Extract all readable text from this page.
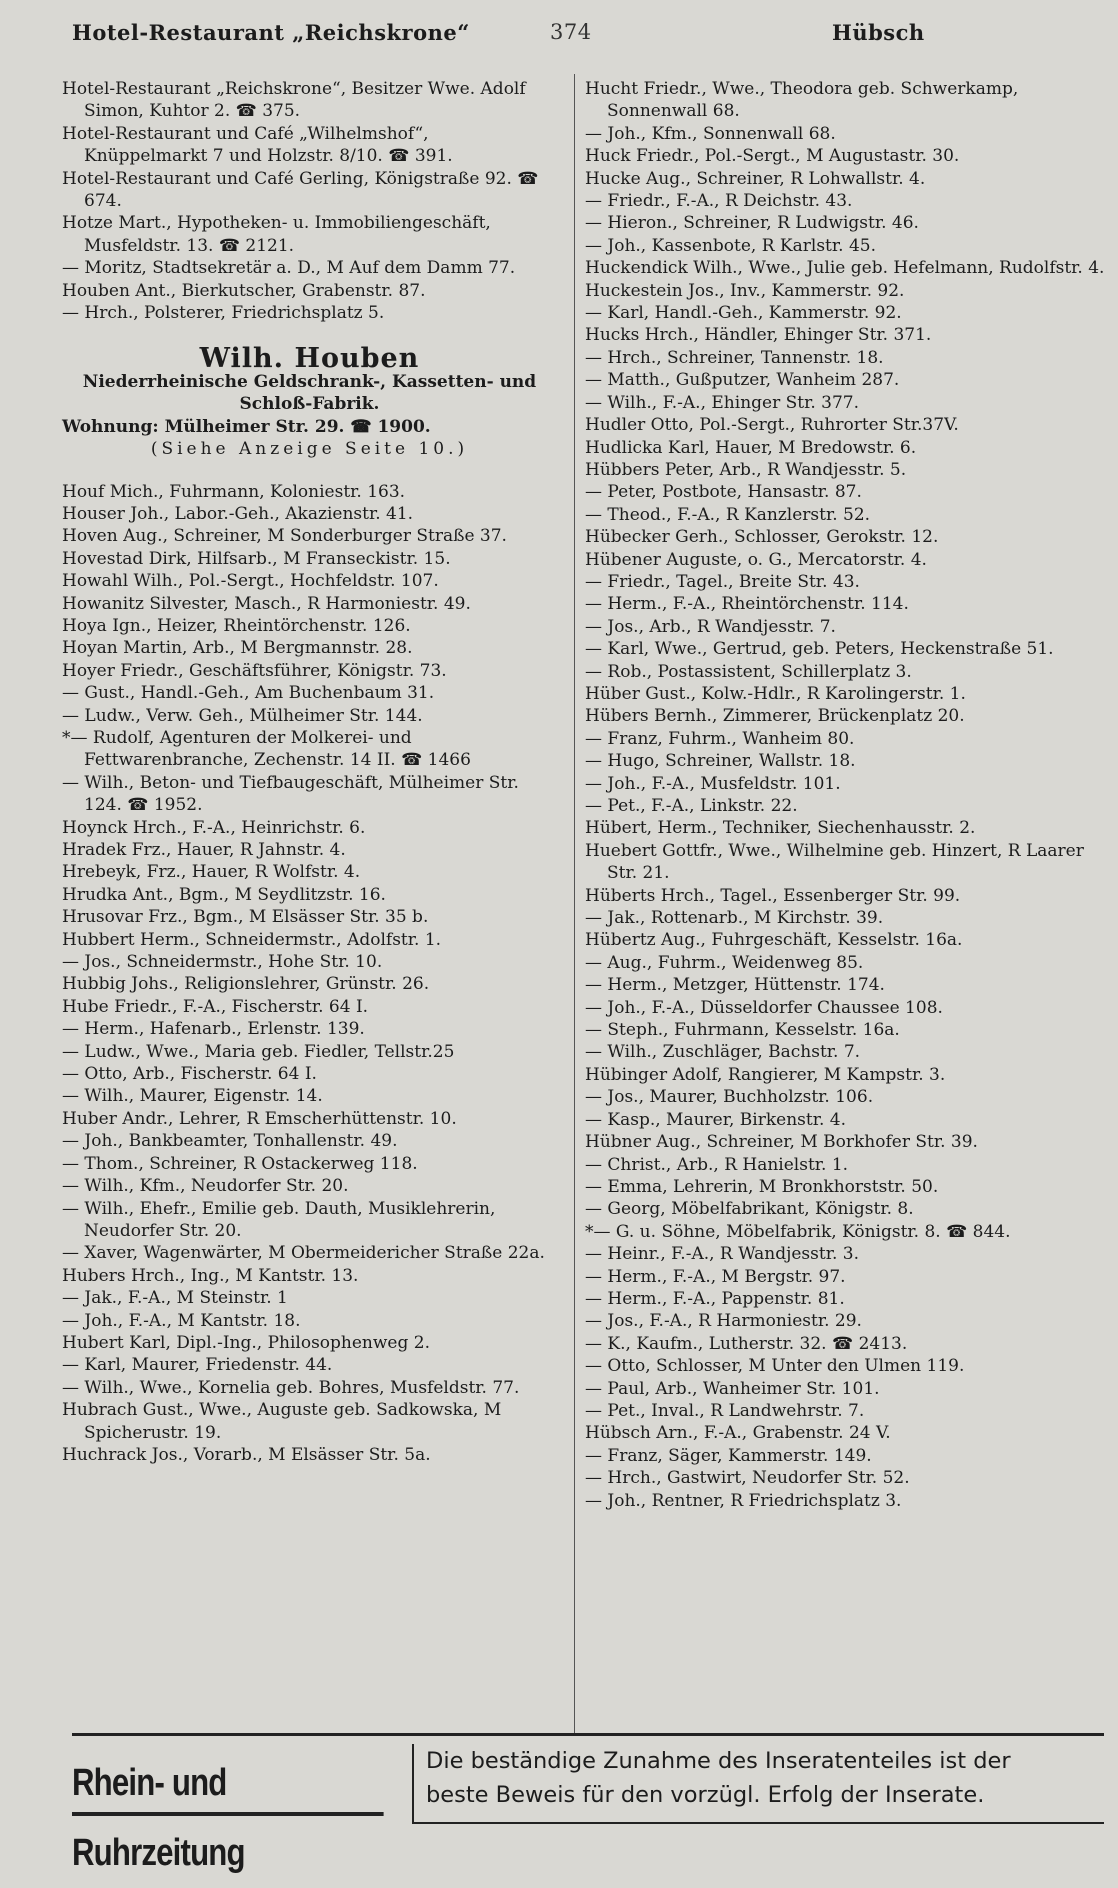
Hotel-Restaurant „Reichskrone“	374	Hübsch

Hotel-Restaurant „Reichskrone“, Besitzer Wwe. Adolf Simon, Kuhtor 2. ☎ 375.

Hotel-Restaurant und Café „Wilhelmshof“, Knüppelmarkt 7 und Holzstr. 8/10. ☎ 391.

Hotel-Restaurant und Café Gerling, Königstraße 92. ☎ 674.

Hotze Mart., Hypotheken- u. Immobiliengeschäft, Musfeldstr. 13. ☎ 2121.

— Moritz, Stadtsekretär a. D., M Auf dem Damm 77.

Houben Ant., Bierkutscher, Grabenstr. 87.

— Hrch., Polsterer, Friedrichsplatz 5.

Wilh. Houben
Niederrheinische Geldschrank-, Kassetten- und Schloß-Fabrik.
Wohnung: Mülheimer Str. 29. ☎ 1900.
(Siehe Anzeige Seite 10.)

Houf Mich., Fuhrmann, Koloniestr. 163.

Houser Joh., Labor.-Geh., Akazienstr. 41.

Hoven Aug., Schreiner, M Sonderburger Straße 37.

Hovestad Dirk, Hilfsarb., M Franseckistr. 15.

Howahl Wilh., Pol.-Sergt., Hochfeldstr. 107.

Howanitz Silvester, Masch., R Harmoniestr. 49.

Hoya Ign., Heizer, Rheintörchenstr. 126.

Hoyan Martin, Arb., M Bergmannstr. 28.

Hoyer Friedr., Geschäftsführer, Königstr. 73.

— Gust., Handl.-Geh., Am Buchenbaum 31.

— Ludw., Verw. Geh., Mülheimer Str. 144.

*— Rudolf, Agenturen der Molkerei- und Fettwarenbranche, Zechenstr. 14 II. ☎ 1466

— Wilh., Beton- und Tiefbaugeschäft, Mülheimer Str. 124. ☎ 1952.

Hoynck Hrch., F.-A., Heinrichstr. 6.

Hradek Frz., Hauer, R Jahnstr. 4.

Hrebeyk, Frz., Hauer, R Wolfstr. 4.

Hrudka Ant., Bgm., M Seydlitzstr. 16.

Hrusovar Frz., Bgm., M Elsässer Str. 35 b.

Hubbert Herm., Schneidermstr., Adolfstr. 1.

— Jos., Schneidermstr., Hohe Str. 10.

Hubbig Johs., Religionslehrer, Grünstr. 26.

Hube Friedr., F.-A., Fischerstr. 64 I.

— Herm., Hafenarb., Erlenstr. 139.

— Ludw., Wwe., Maria geb. Fiedler, Tellstr.25

— Otto, Arb., Fischerstr. 64 I.

— Wilh., Maurer, Eigenstr. 14.

Huber Andr., Lehrer, R Emscherhüttenstr. 10.

— Joh., Bankbeamter, Tonhallenstr. 49.

— Thom., Schreiner, R Ostackerweg 118.

— Wilh., Kfm., Neudorfer Str. 20.

— Wilh., Ehefr., Emilie geb. Dauth, Musiklehrerin, Neudorfer Str. 20.

— Xaver, Wagenwärter, M Obermeidericher Straße 22a.

Hubers Hrch., Ing., M Kantstr. 13.

— Jak., F.-A., M Steinstr. 1

— Joh., F.-A., M Kantstr. 18.

Hubert Karl, Dipl.-Ing., Philosophenweg 2.

— Karl, Maurer, Friedenstr. 44.

— Wilh., Wwe., Kornelia geb. Bohres, Musfeldstr. 77.

Hubrach Gust., Wwe., Auguste geb. Sadkowska, M Spicherustr. 19.

Huchrack Jos., Vorarb., M Elsässer Str. 5a.

Hucht Friedr., Wwe., Theodora geb. Schwerkamp, Sonnenwall 68.

— Joh., Kfm., Sonnenwall 68.

Huck Friedr., Pol.-Sergt., M Augustastr. 30.

Hucke Aug., Schreiner, R Lohwallstr. 4.

— Friedr., F.-A., R Deichstr. 43.

— Hieron., Schreiner, R Ludwigstr. 46.

— Joh., Kassenbote, R Karlstr. 45.

Huckendick Wilh., Wwe., Julie geb. Hefelmann, Rudolfstr. 4.

Huckestein Jos., Inv., Kammerstr. 92.

— Karl, Handl.-Geh., Kammerstr. 92.

Hucks Hrch., Händler, Ehinger Str. 371.

— Hrch., Schreiner, Tannenstr. 18.

— Matth., Gußputzer, Wanheim 287.

— Wilh., F.-A., Ehinger Str. 377.

Hudler Otto, Pol.-Sergt., Ruhrorter Str.37V.

Hudlicka Karl, Hauer, M Bredowstr. 6.

Hübbers Peter, Arb., R Wandjesstr. 5.

— Peter, Postbote, Hansastr. 87.

— Theod., F.-A., R Kanzlerstr. 52.

Hübecker Gerh., Schlosser, Gerokstr. 12.

Hübener Auguste, o. G., Mercatorstr. 4.

— Friedr., Tagel., Breite Str. 43.

— Herm., F.-A., Rheintörchenstr. 114.

— Jos., Arb., R Wandjesstr. 7.

— Karl, Wwe., Gertrud, geb. Peters, Heckenstraße 51.

— Rob., Postassistent, Schillerplatz 3.

Hüber Gust., Kolw.-Hdlr., R Karolingerstr. 1.

Hübers Bernh., Zimmerer, Brückenplatz 20.

— Franz, Fuhrm., Wanheim 80.

— Hugo, Schreiner, Wallstr. 18.

— Joh., F.-A., Musfeldstr. 101.

— Pet., F.-A., Linkstr. 22.

Hübert, Herm., Techniker, Siechenhausstr. 2.

Huebert Gottfr., Wwe., Wilhelmine geb. Hinzert, R Laarer Str. 21.

Hüberts Hrch., Tagel., Essenberger Str. 99.

— Jak., Rottenarb., M Kirchstr. 39.

Hübertz Aug., Fuhrgeschäft, Kesselstr. 16a.

— Aug., Fuhrm., Weidenweg 85.

— Herm., Metzger, Hüttenstr. 174.

— Joh., F.-A., Düsseldorfer Chaussee 108.

— Steph., Fuhrmann, Kesselstr. 16a.

— Wilh., Zuschläger, Bachstr. 7.

Hübinger Adolf, Rangierer, M Kampstr. 3.

— Jos., Maurer, Buchholzstr. 106.

— Kasp., Maurer, Birkenstr. 4.

Hübner Aug., Schreiner, M Borkhofer Str. 39.

— Christ., Arb., R Hanielstr. 1.

— Emma, Lehrerin, M Bronkhorststr. 50.

— Georg, Möbelfabrikant, Königstr. 8.

*— G. u. Söhne, Möbelfabrik, Königstr. 8. ☎ 844.

— Heinr., F.-A., R Wandjesstr. 3.

— Herm., F.-A., M Bergstr. 97.

— Herm., F.-A., Pappenstr. 81.

— Jos., F.-A., R Harmoniestr. 29.

— K., Kaufm., Lutherstr. 32. ☎ 2413.

— Otto, Schlosser, M Unter den Ulmen 119.

— Paul, Arb., Wanheimer Str. 101.

— Pet., Inval., R Landwehrstr. 7.

Hübsch Arn., F.-A., Grabenstr. 24 V.

— Franz, Säger, Kammerstr. 149.

— Hrch., Gastwirt, Neudorfer Str. 52.

— Joh., Rentner, R Friedrichsplatz 3.

Rhein- und Ruhrzeitung
Die beständige Zunahme des Inseratenteiles ist der
beste Beweis für den vorzügl. Erfolg der Inserate.
